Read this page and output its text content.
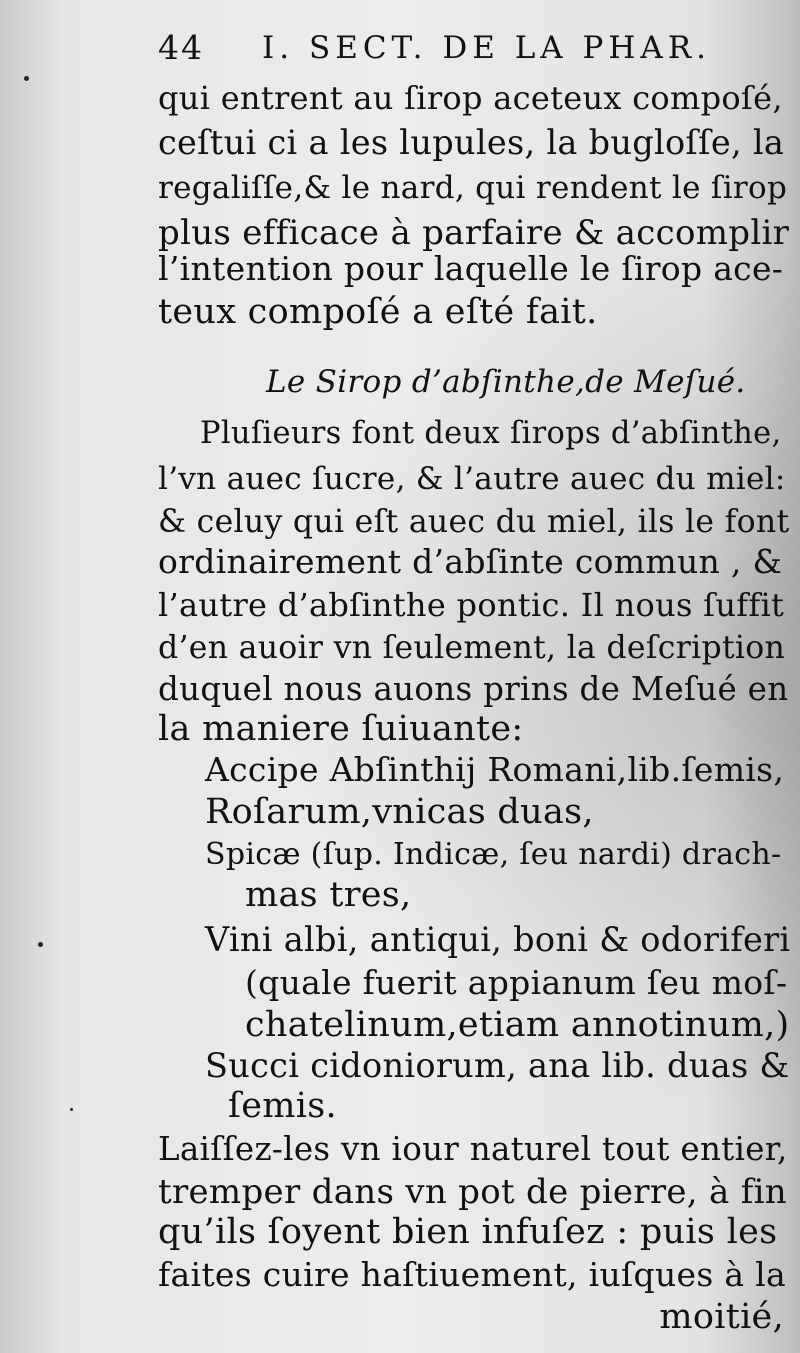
44 I. SECT. DE LA PHAR.
qui entrent au ſirop aceteux compoſé,
ceſtui ci a les lupules, la bugloſſe, la
regaliſſe,& le nard, qui rendent le ſirop
plus efficace à parfaire & accomplir
l’intention pour laquelle le ſirop ace-
teux compoſé a eſté fait.
Le Sirop d’abſinthe,de Meſué.
Pluſieurs font deux ſirops d’abſinthe,
l’vn auec ſucre, & l’autre auec du miel:
& celuy qui eſt auec du miel, ils le font
ordinairement d’abſinte commun , &
l’autre d’abſinthe pontic. Il nous ſuffit
d’en auoir vn ſeulement, la deſcription
duquel nous auons prins de Meſué en
la maniere ſuiuante:
Accipe Abſinthij Romani,lib.ſemis,
Roſarum,vnicas duas,
Spicæ (ſup. Indicæ, ſeu nardi) drach-
mas tres,
Vini albi, antiqui, boni & odoriferi
(quale fuerit appianum ſeu moſ-
chatelinum,etiam annotinum,)
Succi cidoniorum, ana lib. duas &
ſemis.
Laiſſez-les vn iour naturel tout entier,
tremper dans vn pot de pierre, à fin
qu’ils ſoyent bien infuſez : puis les
faites cuire haſtiuement, iuſques à la
moitié,
